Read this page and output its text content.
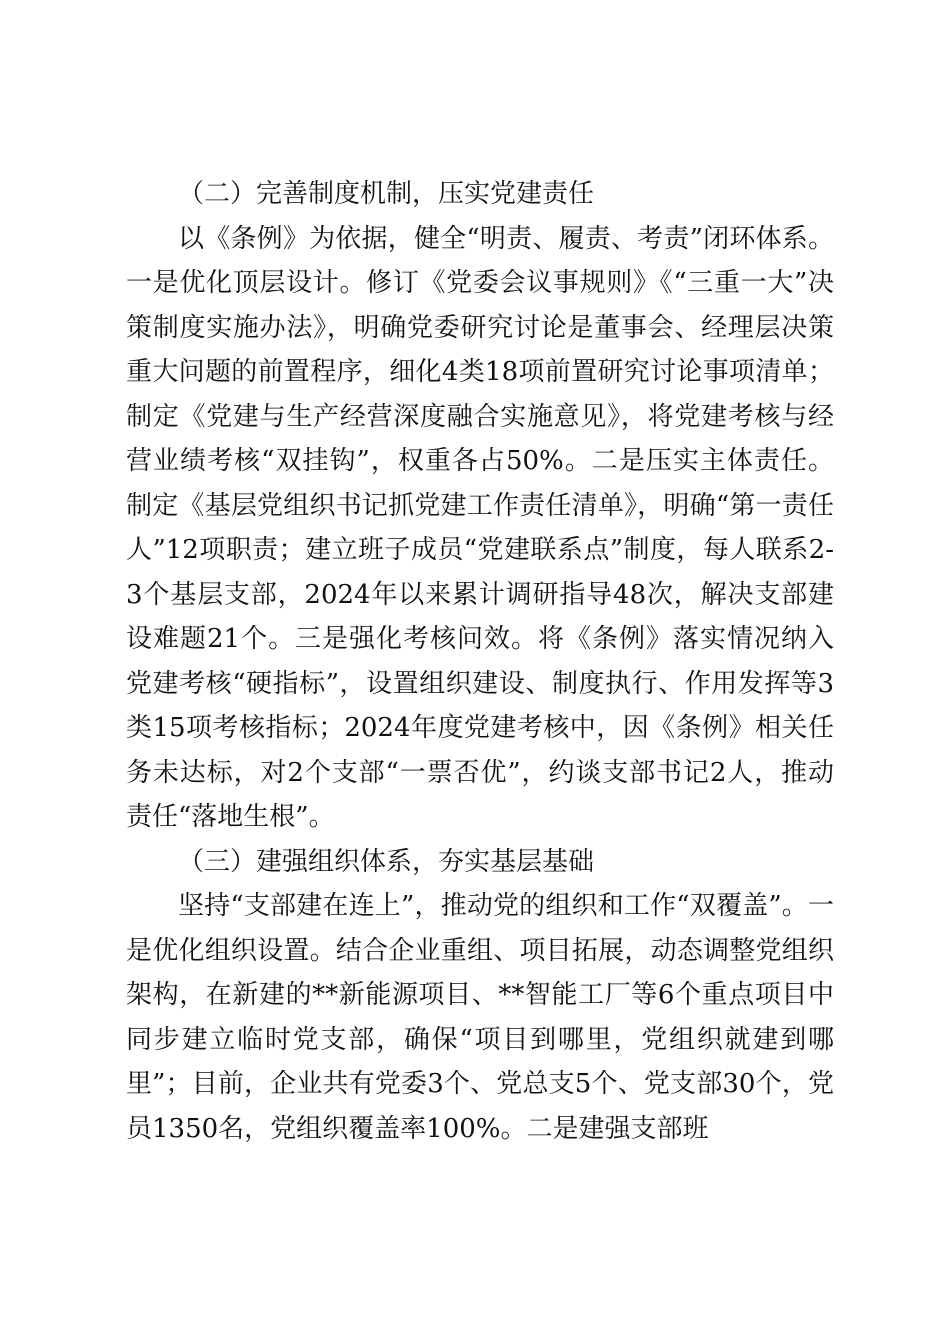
（二）完善制度机制，压实党建责任

以《条例》为依据，健全“明责、履责、考责”闭环体系。一是优化顶层设计。修订《党委会议事规则》《“三重一大”决策制度实施办法》，明确党委研究讨论是董事会、经理层决策重大问题的前置程序，细化4类18项前置研究讨论事项清单；制定《党建与生产经营深度融合实施意见》，将党建考核与经营业绩考核“双挂钩”，权重各占50%。二是压实主体责任。制定《基层党组织书记抓党建工作责任清单》，明确“第一责任人”12项职责；建立班子成员“党建联系点”制度，每人联系2-3个基层支部，2024年以来累计调研指导48次，解决支部建设难题21个。三是强化考核问效。将《条例》落实情况纳入党建考核“硬指标”，设置组织建设、制度执行、作用发挥等3类15项考核指标；2024年度党建考核中，因《条例》相关任务未达标，对2个支部“一票否优”，约谈支部书记2人，推动责任“落地生根”。

（三）建强组织体系，夯实基层基础

坚持“支部建在连上”，推动党的组织和工作“双覆盖”。一是优化组织设置。结合企业重组、项目拓展，动态调整党组织架构，在新建的**新能源项目、**智能工厂等6个重点项目中同步建立临时党支部，确保“项目到哪里，党组织就建到哪里”；目前，企业共有党委3个、党总支5个、党支部30个，党员1350名，党组织覆盖率100%。二是建强支部班
